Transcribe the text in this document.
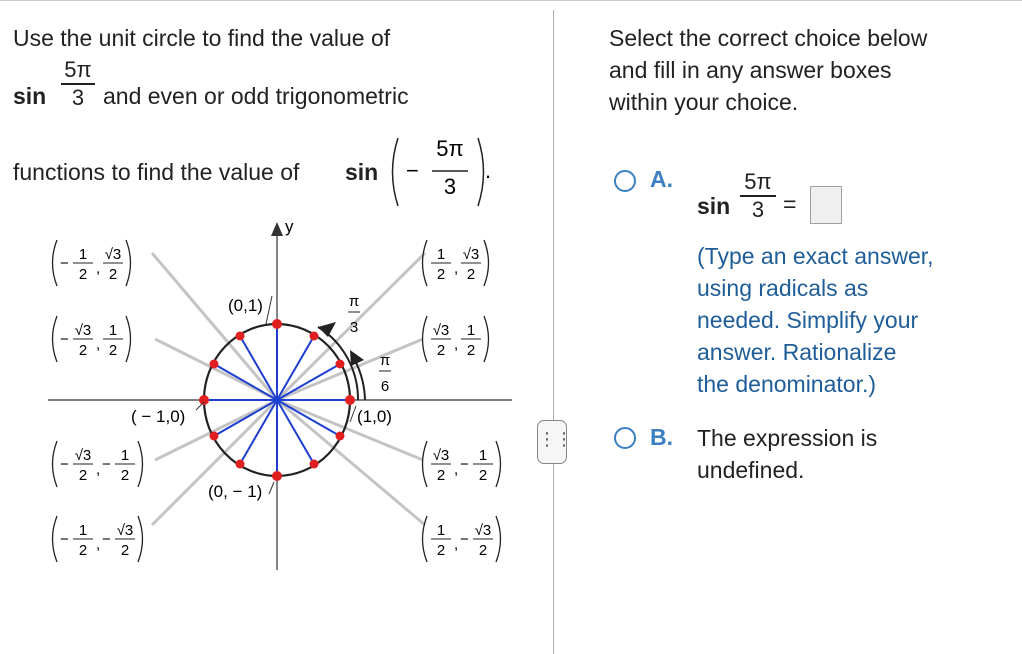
Use the unit circle to find the value of
sin
5π
3 and even or odd trigonometric
functions to find the value of sin −
5π
3
.
y
(0,1)
( − 1,0)	(1,0)
(0, − 1)
π
3
π
6
−
1
2 ,
√3
2
−
√3
2 ,
1
2
−
√3
2 , −
1
2
−
1
2 , −
√3
2
1
2 ,
√3
2
√3
2 ,
1
2
√3
2 , −
1
2
1
2 , −
√3
2
⋮⋮
Select the correct choice below
and fill in any answer boxes
within your choice.
A.
sin
5π
3 =
(Type an exact answer,
using radicals as
needed. Simplify your
answer. Rationalize
the denominator.)
B. The expression is
undefined.
